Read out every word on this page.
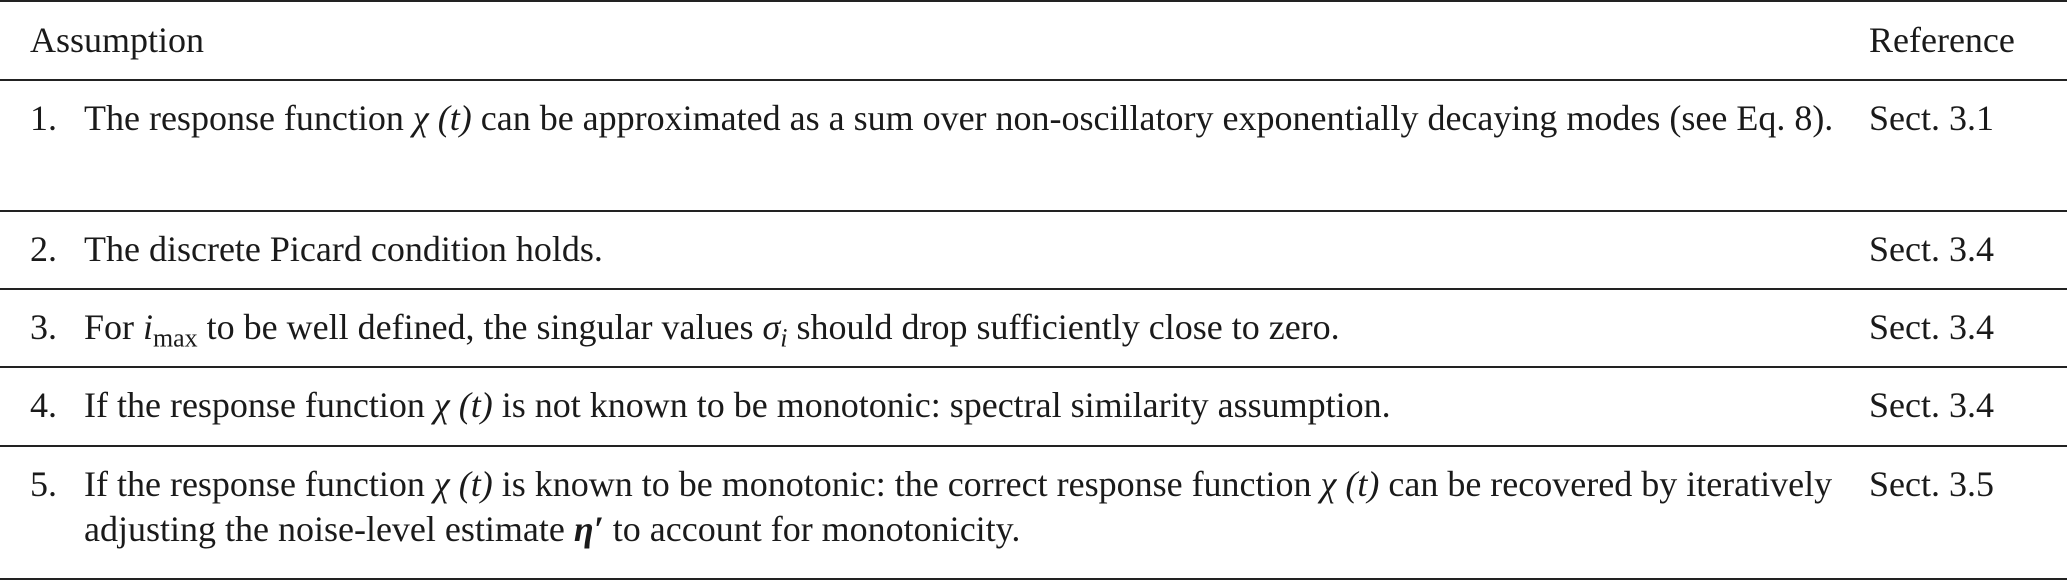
Assumption		Reference

1.	The response function χ (t) can be approximated as a sum over non-oscillatory exponentially decaying modes (see Eq. 8).	Sect. 3.1

2.	The discrete Picard condition holds.	Sect. 3.4

3.	For $i_{max}$ to be well defined, the singular values $\sigma_i$ should drop sufficiently close to zero.	Sect. 3.4

4.	If the response function χ (t) is not known to be monotonic: spectral similarity assumption.	Sect. 3.4

5.	If the response function χ (t) is known to be monotonic: the correct response function χ (t) can be recovered by iteratively adjusting the noise-level estimate η′ to account for monotonicity.	Sect. 3.5
